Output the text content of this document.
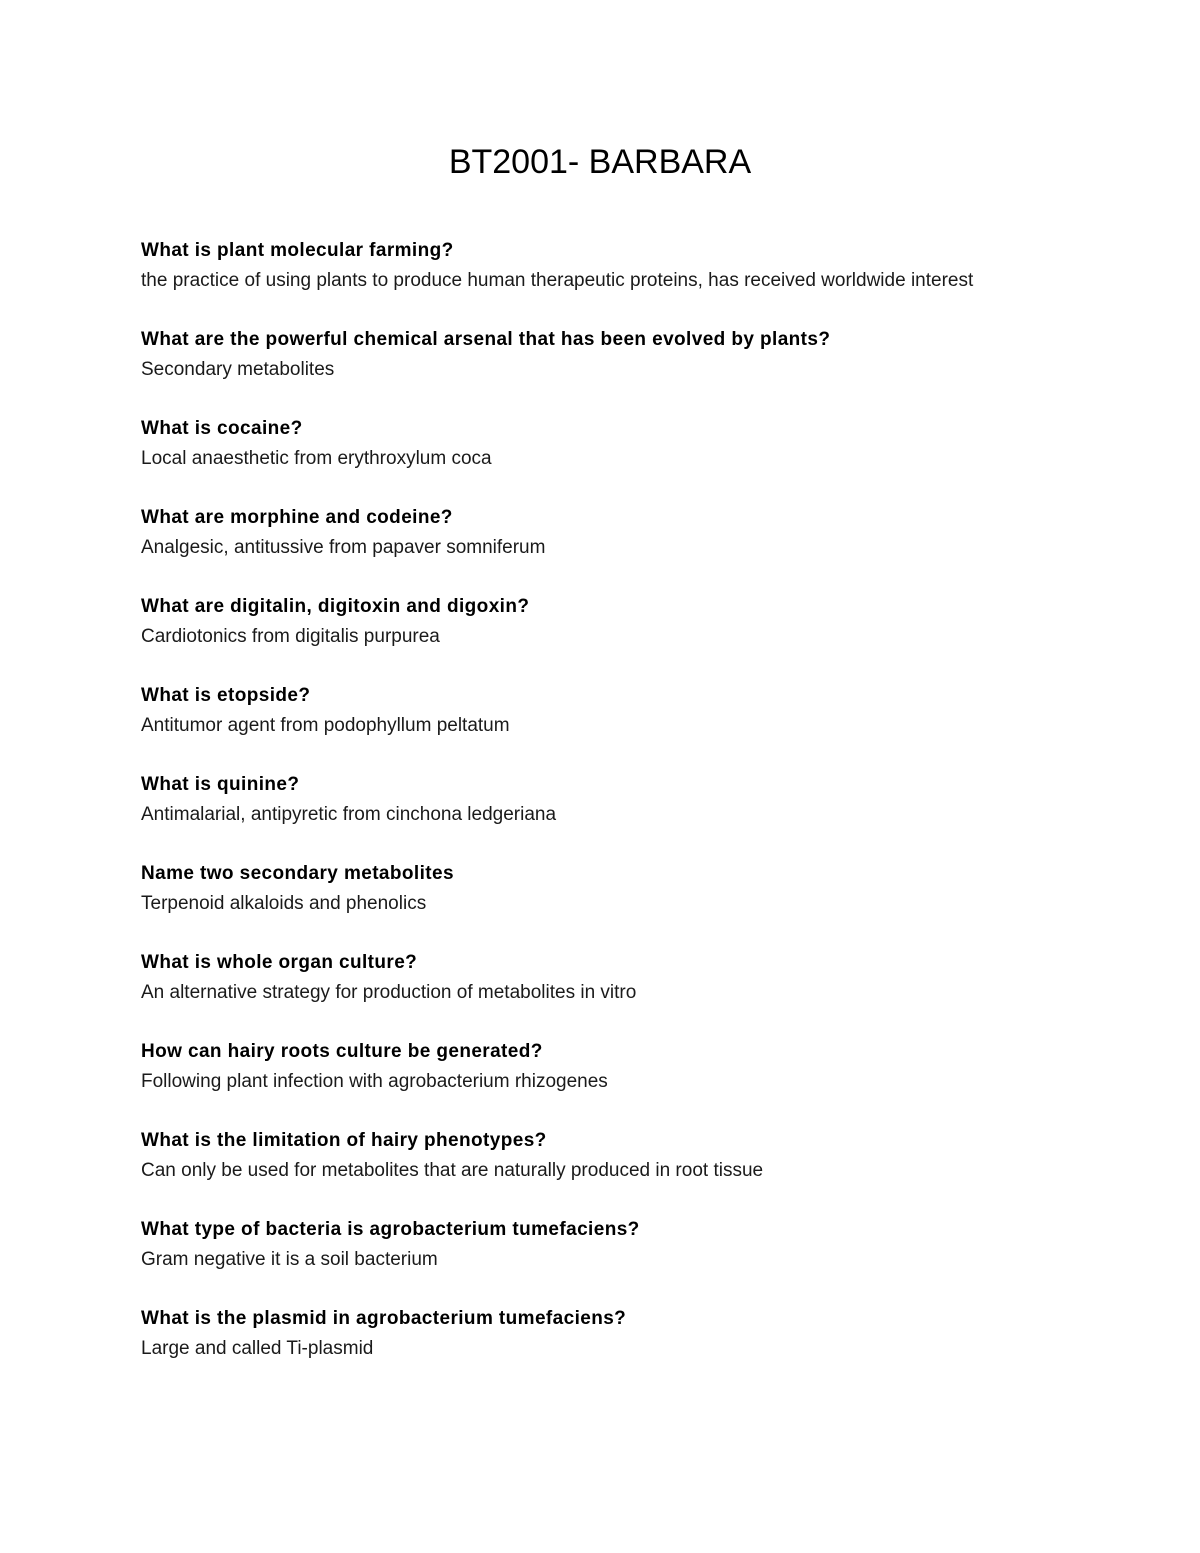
BT2001- BARBARA
What is plant molecular farming?
the practice of using plants to produce human therapeutic proteins, has received worldwide interest
What are the powerful chemical arsenal that has been evolved by plants?
Secondary metabolites
What is cocaine?
Local anaesthetic from erythroxylum coca
What are morphine and codeine?
Analgesic, antitussive from papaver somniferum
What are digitalin, digitoxin and digoxin?
Cardiotonics from digitalis purpurea
What is etopside?
Antitumor agent from podophyllum peltatum
What is quinine?
Antimalarial, antipyretic from cinchona ledgeriana
Name two secondary metabolites
Terpenoid alkaloids and phenolics
What is whole organ culture?
An alternative strategy for production of metabolites in vitro
How can hairy roots culture be generated?
Following plant infection with agrobacterium rhizogenes
What is the limitation of hairy phenotypes?
Can only be used for metabolites that are naturally produced in root tissue
What type of bacteria is agrobacterium tumefaciens?
Gram negative it is a soil bacterium
What is the plasmid in agrobacterium tumefaciens?
Large and called Ti-plasmid
